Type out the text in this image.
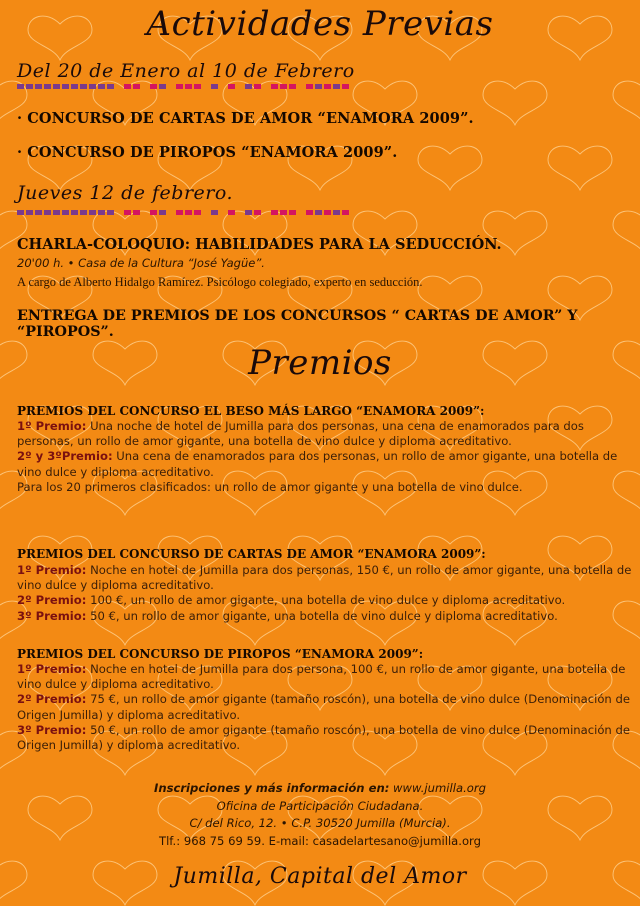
Actividades Previas
Del 20 de Enero al 10 de Febrero
· CONCURSO DE CARTAS DE AMOR “ENAMORA 2009”.
· CONCURSO DE PIROPOS “ENAMORA 2009”.
Jueves 12 de febrero.
CHARLA-COLOQUIO: HABILIDADES PARA LA SEDUCCIÓN.
20'00 h. • Casa de la Cultura “José Yagüe”.
A cargo de Alberto Hidalgo Ramírez. Psicólogo colegiado, experto en seducción.
ENTREGA DE PREMIOS DE LOS CONCURSOS “ CARTAS DE AMOR” Y “PIROPOS”.
Premios
PREMIOS DEL CONCURSO EL BESO MÁS LARGO “ENAMORA 2009”:

1º Premio: Una noche de hotel de Jumilla para dos personas, una cena de enamorados para dos personas, un rollo de amor gigante, una botella de vino dulce y diploma acreditativo.

2º y 3ºPremio: Una cena de enamorados para dos personas, un rollo de amor gigante, una botella de vino dulce y diploma acreditativo.

Para los 20 primeros clasificados: un rollo de amor gigante y una botella de vino dulce.

PREMIOS DEL CONCURSO DE CARTAS DE AMOR “ENAMORA 2009”:

1º Premio: Noche en hotel de Jumilla para dos personas, 150 €, un rollo de amor gigante, una botella de vino dulce y diploma acreditativo.

2º Premio: 100 €, un rollo de amor gigante, una botella de vino dulce y diploma acreditativo.

3º Premio: 50 €, un rollo de amor gigante, una botella de vino dulce y diploma acreditativo.

PREMIOS DEL CONCURSO DE PIROPOS “ENAMORA 2009”:

1º Premio: Noche en hotel de Jumilla para dos persona, 100 €, un rollo de amor gigante, una botella de vino dulce y diploma acreditativo.

2º Premio: 75 €, un rollo de amor gigante (tamaño roscón), una botella de vino dulce (Denominación de Origen Jumilla) y diploma acreditativo.

3º Premio: 50 €, un rollo de amor gigante (tamaño roscón), una botella de vino dulce (Denominación de Origen Jumilla) y diploma acreditativo.

Inscripciones y más información en: www.jumilla.org
Oficina de Participación Ciudadana.
C/ del Rico, 12. • C.P. 30520 Jumilla (Murcia).
Tlf.: 968 75 69 59. E-mail: casadelartesano@jumilla.org
Jumilla, Capital del Amor
